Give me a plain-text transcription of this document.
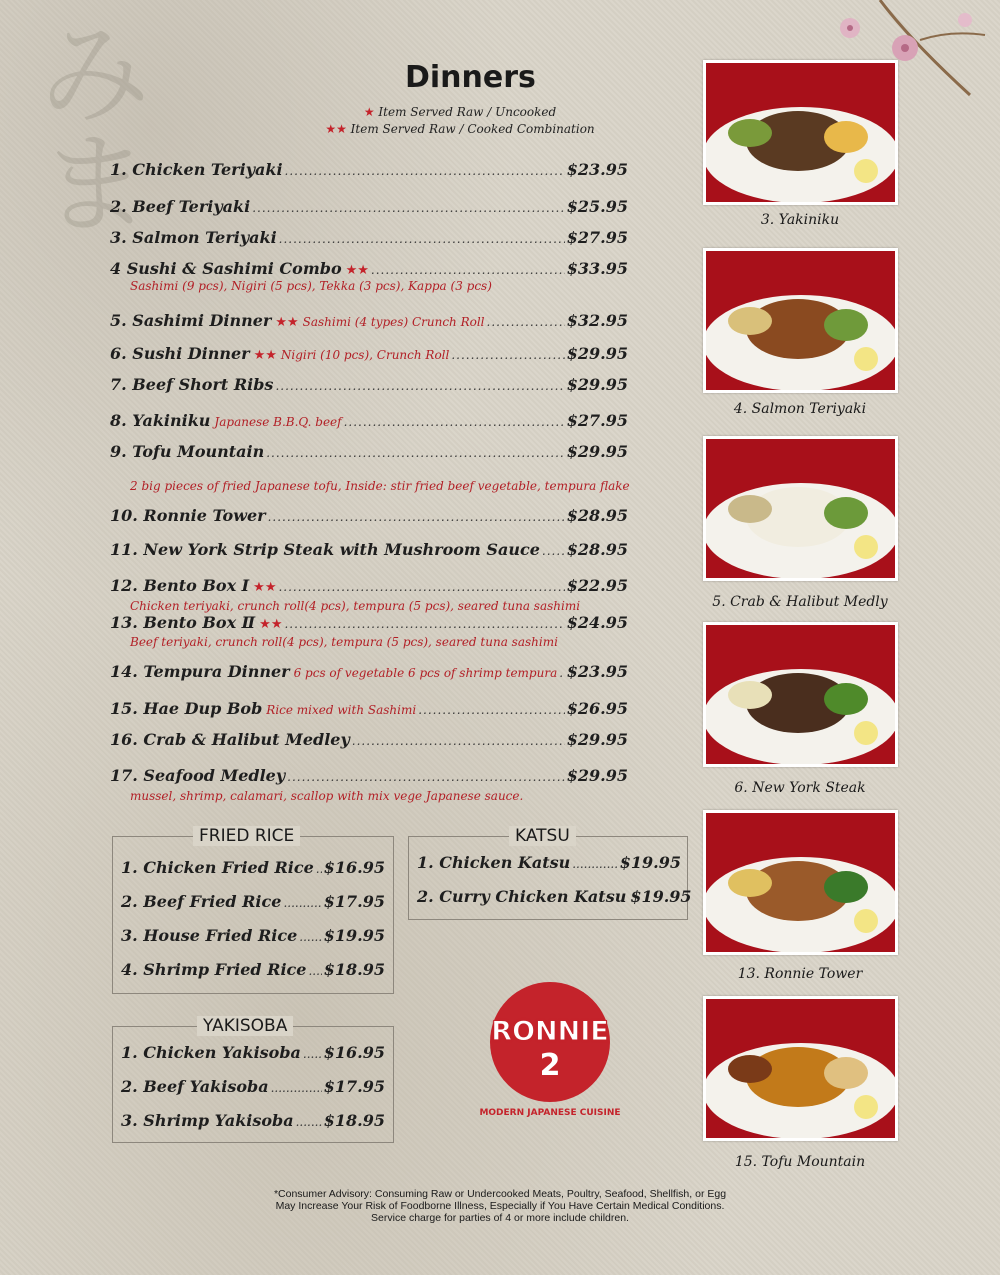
み
ま
Dinners
★ Item Served Raw / Uncooked
★★ Item Served Raw / Cooked Combination
1. Chicken Teriyaki .....	$23.95
2. Beef Teriyaki .....	$25.95
3. Salmon Teriyaki .....	$27.95
4 Sushi & Sashimi Combo ★★ .....	$33.95
Sashimi (9 pcs), Nigiri (5 pcs), Tekka (3 pcs), Kappa (3 pcs)
5. Sashimi Dinner ★★ Sashimi (4 types) Crunch Roll .....	$32.95
6. Sushi Dinner ★★ Nigiri (10 pcs), Crunch Roll .....	$29.95
7. Beef Short Ribs .....	$29.95
8. Yakiniku Japanese B.B.Q. beef .....	$27.95
9. Tofu Mountain .....	$29.95
2 big pieces of fried Japanese tofu, Inside: stir fried beef vegetable, tempura flake
10. Ronnie Tower .....	$28.95
11. New York Strip Steak with Mushroom Sauce ..... $28.95
12. Bento Box Ⅰ ★★ .....	$22.95
Chicken teriyaki, crunch roll(4 pcs), tempura (5 pcs), seared tuna sashimi
13. Bento Box Ⅱ ★★ .....	$24.95
Beef teriyaki, crunch roll(4 pcs), tempura (5 pcs), seared tuna sashimi
14. Tempura Dinner 6 pcs of vegetable 6 pcs of shrimp tempura ..... $23.95
15. Hae Dup Bob Rice mixed with Sashimi .....	$26.95
16. Crab & Halibut Medley .....	$29.95
17. Seafood Medley .....	$29.95
mussel, shrimp, calamari, scallop with mix vege Japanese sauce.
FRIED RICE
1. Chicken Fried Rice ..... $16.95
2. Beef Fried Rice .....	$17.95
3. House Fried Rice ..... $19.95
4. Shrimp Fried Rice ..... $18.95
KATSU
1. Chicken Katsu .....	$19.95
2. Curry Chicken Katsu $19.95
YAKISOBA
1. Chicken Yakisoba ..... $16.95
2. Beef Yakisoba .....	$17.95
3. Shrimp Yakisoba ..... $18.95
RONNIE
2
MODERN JAPANESE CUISINE
3. Yakiniku
4. Salmon Teriyaki
5. Crab & Halibut Medly
6. New York Steak
13. Ronnie Tower
15. Tofu Mountain
*Consumer Advisory: Consuming Raw or Undercooked Meats, Poultry, Seafood, Shellfish, or Egg
May Increase Your Risk of Foodborne Illness, Especially if You Have Certain Medical Conditions.
Service charge for parties of 4 or more include children.
